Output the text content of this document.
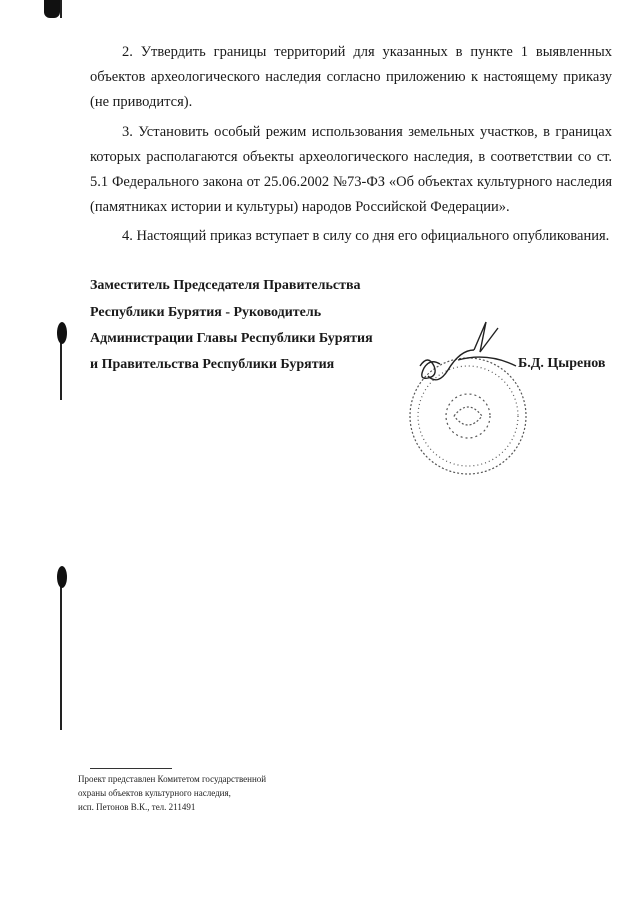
2. Утвердить границы территорий для указанных в пункте 1 выявленных объектов археологического наследия согласно приложению к настоящему приказу (не приводится).

3. Установить особый режим использования земельных участков, в границах которых располагаются объекты археологического наследия, в соответствии со ст. 5.1 Федерального закона от 25.06.2002 №73-ФЗ «Об объектах культурного наследия (памятниках истории и культуры) народов Российской Федерации».

4. Настоящий приказ вступает в силу со дня его официального опубликования.

Заместитель Председателя Правительства
Республики Бурятия - Руководитель
Администрации Главы Республики Бурятия
и Правительства Республики Бурятия	Б.Д. Цыренов
Проект представлен Комитетом государственной
охраны объектов культурного наследия,
исп. Петонов В.К., тел. 211491
